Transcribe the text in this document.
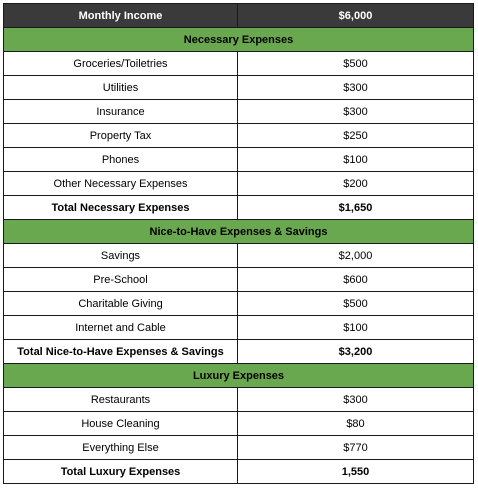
Monthly Income	$6,000
Necessary Expenses	
Groceries/Toiletries	$500
Utilities	$300
Insurance	$300
Property Tax	$250
Phones	$100
Other Necessary Expenses	$200
Total Necessary Expenses	$1,650
Nice-to-Have Expenses & Savings	
Savings	$2,000
Pre-School	$600
Charitable Giving	$500
Internet and Cable	$100
Total Nice-to-Have Expenses & Savings	$3,200
Luxury Expenses	
Restaurants	$300
House Cleaning	$80
Everything Else	$770
Total Luxury Expenses	1,550
